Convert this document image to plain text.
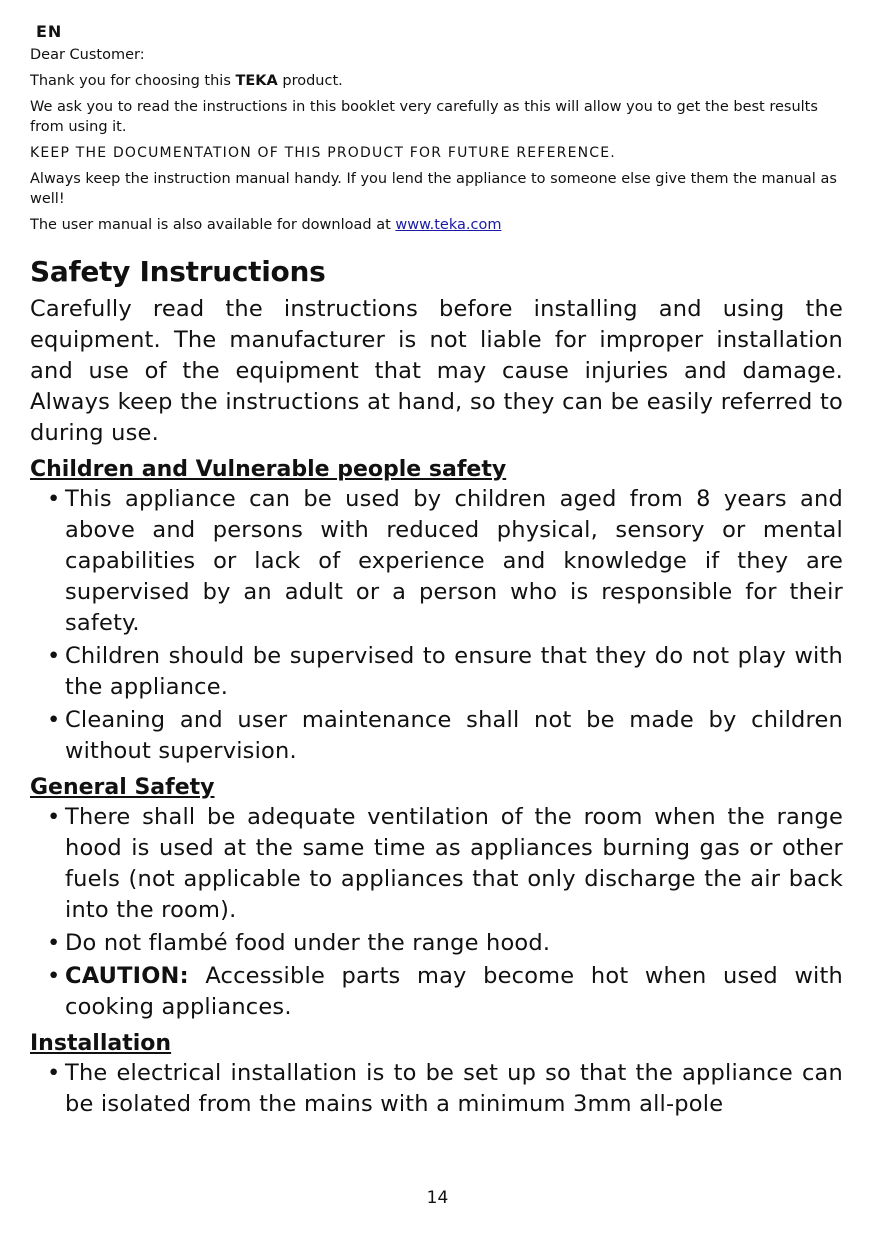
EN

Dear Customer:

Thank you for choosing this TEKA product.

We ask you to read the instructions in this booklet very carefully as this will allow you to get the best results from using it.

KEEP THE DOCUMENTATION OF THIS PRODUCT FOR FUTURE REFERENCE.

Always keep the instruction manual handy. If you lend the appliance to someone else give them the manual as well!

The user manual is also available for download at www.teka.com

Safety Instructions

Carefully read the instructions before installing and using the equipment. The manufacturer is not liable for improper installation and use of the equipment that may cause injuries and damage. Always keep the instructions at hand, so they can be easily referred to during use.

Children and Vulnerable people safety
• This appliance can be used by children aged from 8 years and above and persons with reduced physical, sensory or mental capabilities or lack of experience and knowledge if they are supervised by an adult or a person who is responsible for their safety.
• Children should be supervised to ensure that they do not play with the appliance.
• Cleaning and user maintenance shall not be made by children without supervision.
General Safety
• There shall be adequate ventilation of the room when the range hood is used at the same time as appliances burning gas or other fuels (not applicable to appliances that only discharge the air back into the room).
• Do not flambé food under the range hood.
• CAUTION: Accessible parts may become hot when used with cooking appliances.
Installation
• The electrical installation is to be set up so that the appliance can be isolated from the mains with a minimum 3mm all-pole
14
